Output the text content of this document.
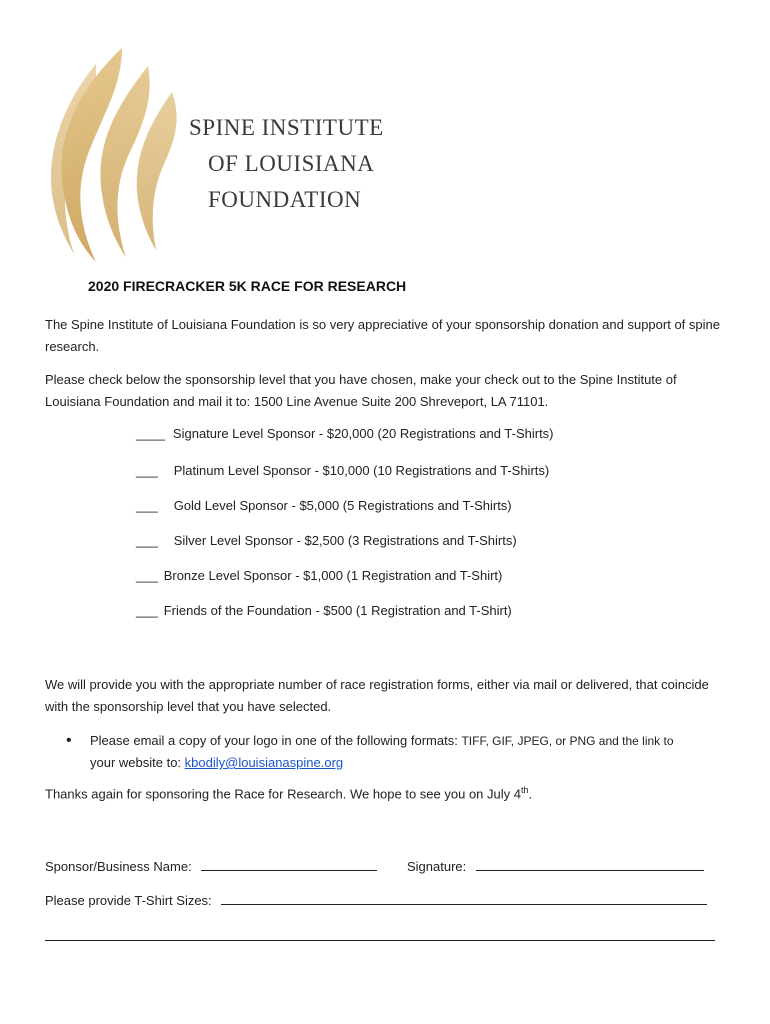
SPINE INSTITUTE
OF LOUISIANA
FOUNDATION
2020 FIRECRACKER 5K RACE FOR RESEARCH
The Spine Institute of Louisiana Foundation is so very appreciative of your sponsorship donation and support of spine research.
Please check below the sponsorship level that you have chosen, make your check out to the Spine Institute of Louisiana Foundation and mail it to: 1500 Line Avenue Suite 200 Shreveport, LA 71101.
____ Signature Level Sponsor - $20,000 (20 Registrations and T-Shirts)
___ Platinum Level Sponsor - $10,000 (10 Registrations and T-Shirts)
___ Gold Level Sponsor - $5,000 (5 Registrations and T-Shirts)
___ Silver Level Sponsor - $2,500 (3 Registrations and T-Shirts)
___ Bronze Level Sponsor - $1,000 (1 Registration and T-Shirt)
___ Friends of the Foundation - $500 (1 Registration and T-Shirt)
We will provide you with the appropriate number of race registration forms, either via mail or delivered, that coincide with the sponsorship level that you have selected.
• Please email a copy of your logo in one of the following formats: TIFF, GIF, JPEG, or PNG and the link to
your website to: kbodily@louisianaspine.org
Thanks again for sponsoring the Race for Research. We hope to see you on July 4th.
Sponsor/Business Name:	Signature:
Please provide T-Shirt Sizes:
